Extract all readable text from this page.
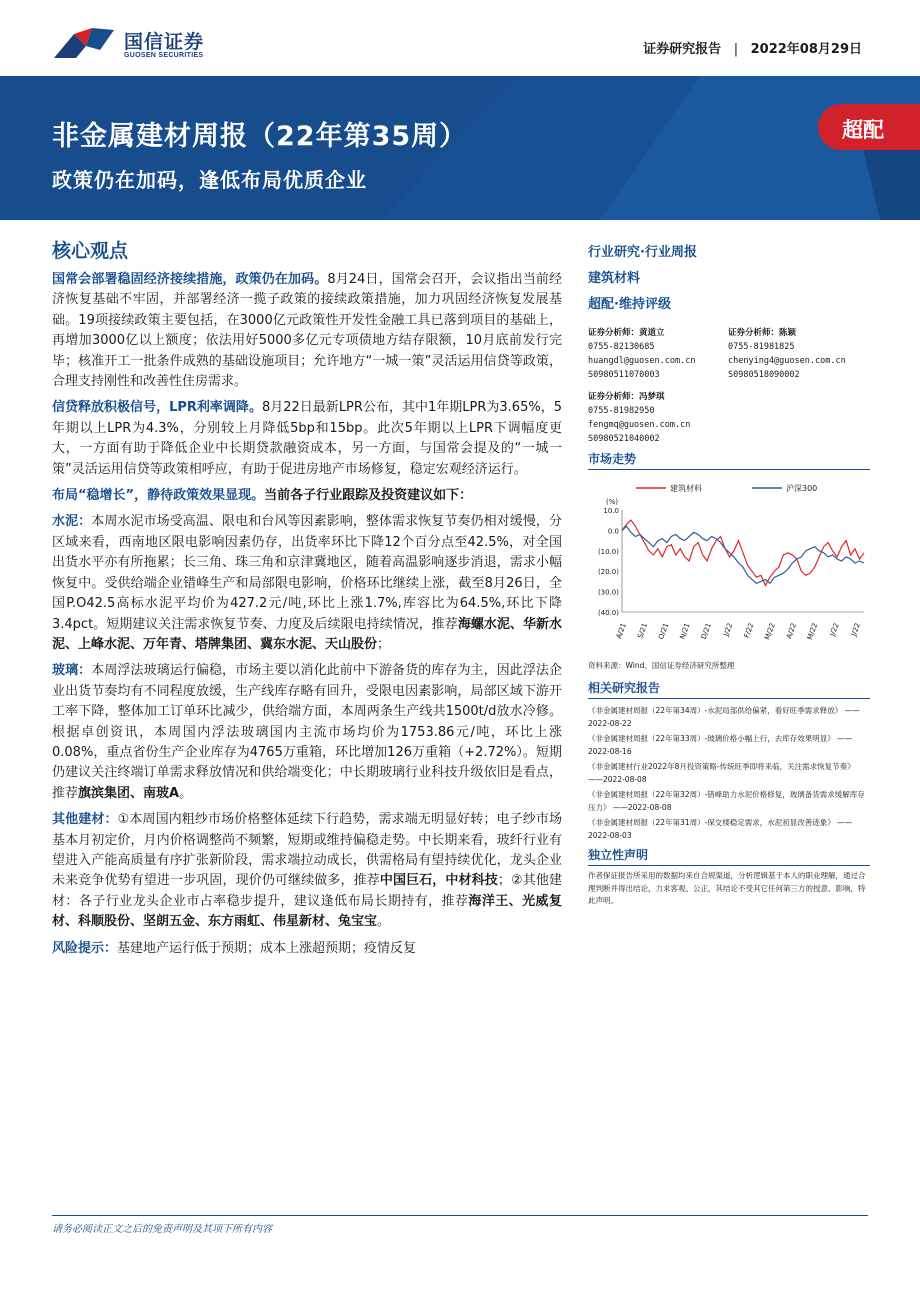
国信证券
GUOSEN SECURITIES	证券研究报告 | 2022年08月29日
非金属建材周报（22年第35周）
政策仍在加码，逢低布局优质企业
超配
核心观点

国常会部署稳固经济接续措施，政策仍在加码。8月24日，国常会召开，会议指出当前经济恢复基础不牢固，并部署经济一揽子政策的接续政策措施，加力巩固经济恢复发展基础。19项接续政策主要包括，在3000亿元政策性开发性金融工具已落到项目的基础上，再增加3000亿以上额度；依法用好5000多亿元专项债地方结存限额，10月底前发行完毕；核准开工一批条件成熟的基础设施项目；允许地方“一城一策”灵活运用信贷等政策，合理支持刚性和改善性住房需求。

信贷释放积极信号，LPR利率调降。8月22日最新LPR公布，其中1年期LPR为3.65%，5年期以上LPR为4.3%，分别较上月降低5bp和15bp。此次5年期以上LPR下调幅度更大，一方面有助于降低企业中长期贷款融资成本，另一方面，与国常会提及的“一城一策”灵活运用信贷等政策相呼应，有助于促进房地产市场修复，稳定宏观经济运行。

布局“稳增长”，静待政策效果显现。当前各子行业跟踪及投资建议如下：

水泥：本周水泥市场受高温、限电和台风等因素影响，整体需求恢复节奏仍相对缓慢，分区域来看，西南地区限电影响因素仍存，出货率环比下降12个百分点至42.5%，对全国出货水平亦有所拖累；长三角、珠三角和京津冀地区，随着高温影响逐步消退，需求小幅恢复中。受供给端企业错峰生产和局部限电影响，价格环比继续上涨，截至8月26日，全国P.O42.5高标水泥平均价为427.2元/吨,环比上涨1.7%,库容比为64.5%,环比下降3.4pct。短期建议关注需求恢复节奏、力度及后续限电持续情况，推荐海螺水泥、华新水泥、上峰水泥、万年青、塔牌集团、冀东水泥、天山股份；

玻璃：本周浮法玻璃运行偏稳，市场主要以消化此前中下游备货的库存为主，因此浮法企业出货节奏均有不同程度放缓，生产线库存略有回升，受限电因素影响，局部区域下游开工率下降，整体加工订单环比减少，供给端方面，本周两条生产线共1500t/d放水冷修。根据卓创资讯，本周国内浮法玻璃国内主流市场均价为1753.86元/吨，环比上涨0.08%，重点省份生产企业库存为4765万重箱，环比增加126万重箱（+2.72%）。短期仍建议关注终端订单需求释放情况和供给端变化；中长期玻璃行业科技升级依旧是看点，推荐旗滨集团、南玻A。

其他建材：①本周国内粗纱市场价格整体延续下行趋势，需求端无明显好转；电子纱市场基本月初定价，月内价格调整尚不频繁，短期或维持偏稳走势。中长期来看，玻纤行业有望进入产能高质量有序扩张新阶段，需求端拉动成长，供需格局有望持续优化，龙头企业未来竞争优势有望进一步巩固，现价仍可继续做多，推荐中国巨石，中材科技；②其他建材：各子行业龙头企业市占率稳步提升，建议逢低布局长期持有，推荐海洋王、光威复材、科顺股份、坚朗五金、东方雨虹、伟星新材、兔宝宝。

风险提示：基建地产运行低于预期；成本上涨超预期；疫情反复

行业研究·行业周报
建筑材料
超配·维持评级
证券分析师：黄道立
0755-82130685
huangdl@guosen.com.cn
S0980511070003
证券分析师：陈颖
0755-81981825
chenying4@guosen.com.cn
S0980518090002
证券分析师：冯梦琪
0755-81982950
fengmq@guosen.com.cn
S0980521040002
市场走势
建筑材料	沪深300
(%)
10.0
0.0
(10.0)
(20.0)
(30.0)
(40.0)
A/21 S/21 O/21 N/21 D/21 J/22 F/22 M/22 A/22 M/22 J/22 J/22
资料来源：Wind、国信证券经济研究所整理
相关研究报告
《非金属建材周报（22年第34周）-水泥局部供给偏紧，看好旺季需求释放》 ——2022-08-22
《非金属建材周报（22年第33周）-玻璃价格小幅上行，去库存效果明显》 ——2022-08-16
《非金属建材行业2022年8月投资策略-传统旺季即将来临，关注需求恢复节奏》 ——2022-08-08
《非金属建材周报（22年第32周）-错峰助力水泥价格修复，玻璃备货需求缓解库存压力》 ——2022-08-08
《非金属建材周报（22年第31周）-保交楼稳定需求，水泥初显改善迹象》 ——2022-08-03
独立性声明
作者保证报告所采用的数据均来自合规渠道，分析逻辑基于本人的职业理解，通过合理判断并得出结论，力求客观、公正，其结论不受其它任何第三方的授意、影响，特此声明。
请务必阅读正文之后的免责声明及其项下所有内容
